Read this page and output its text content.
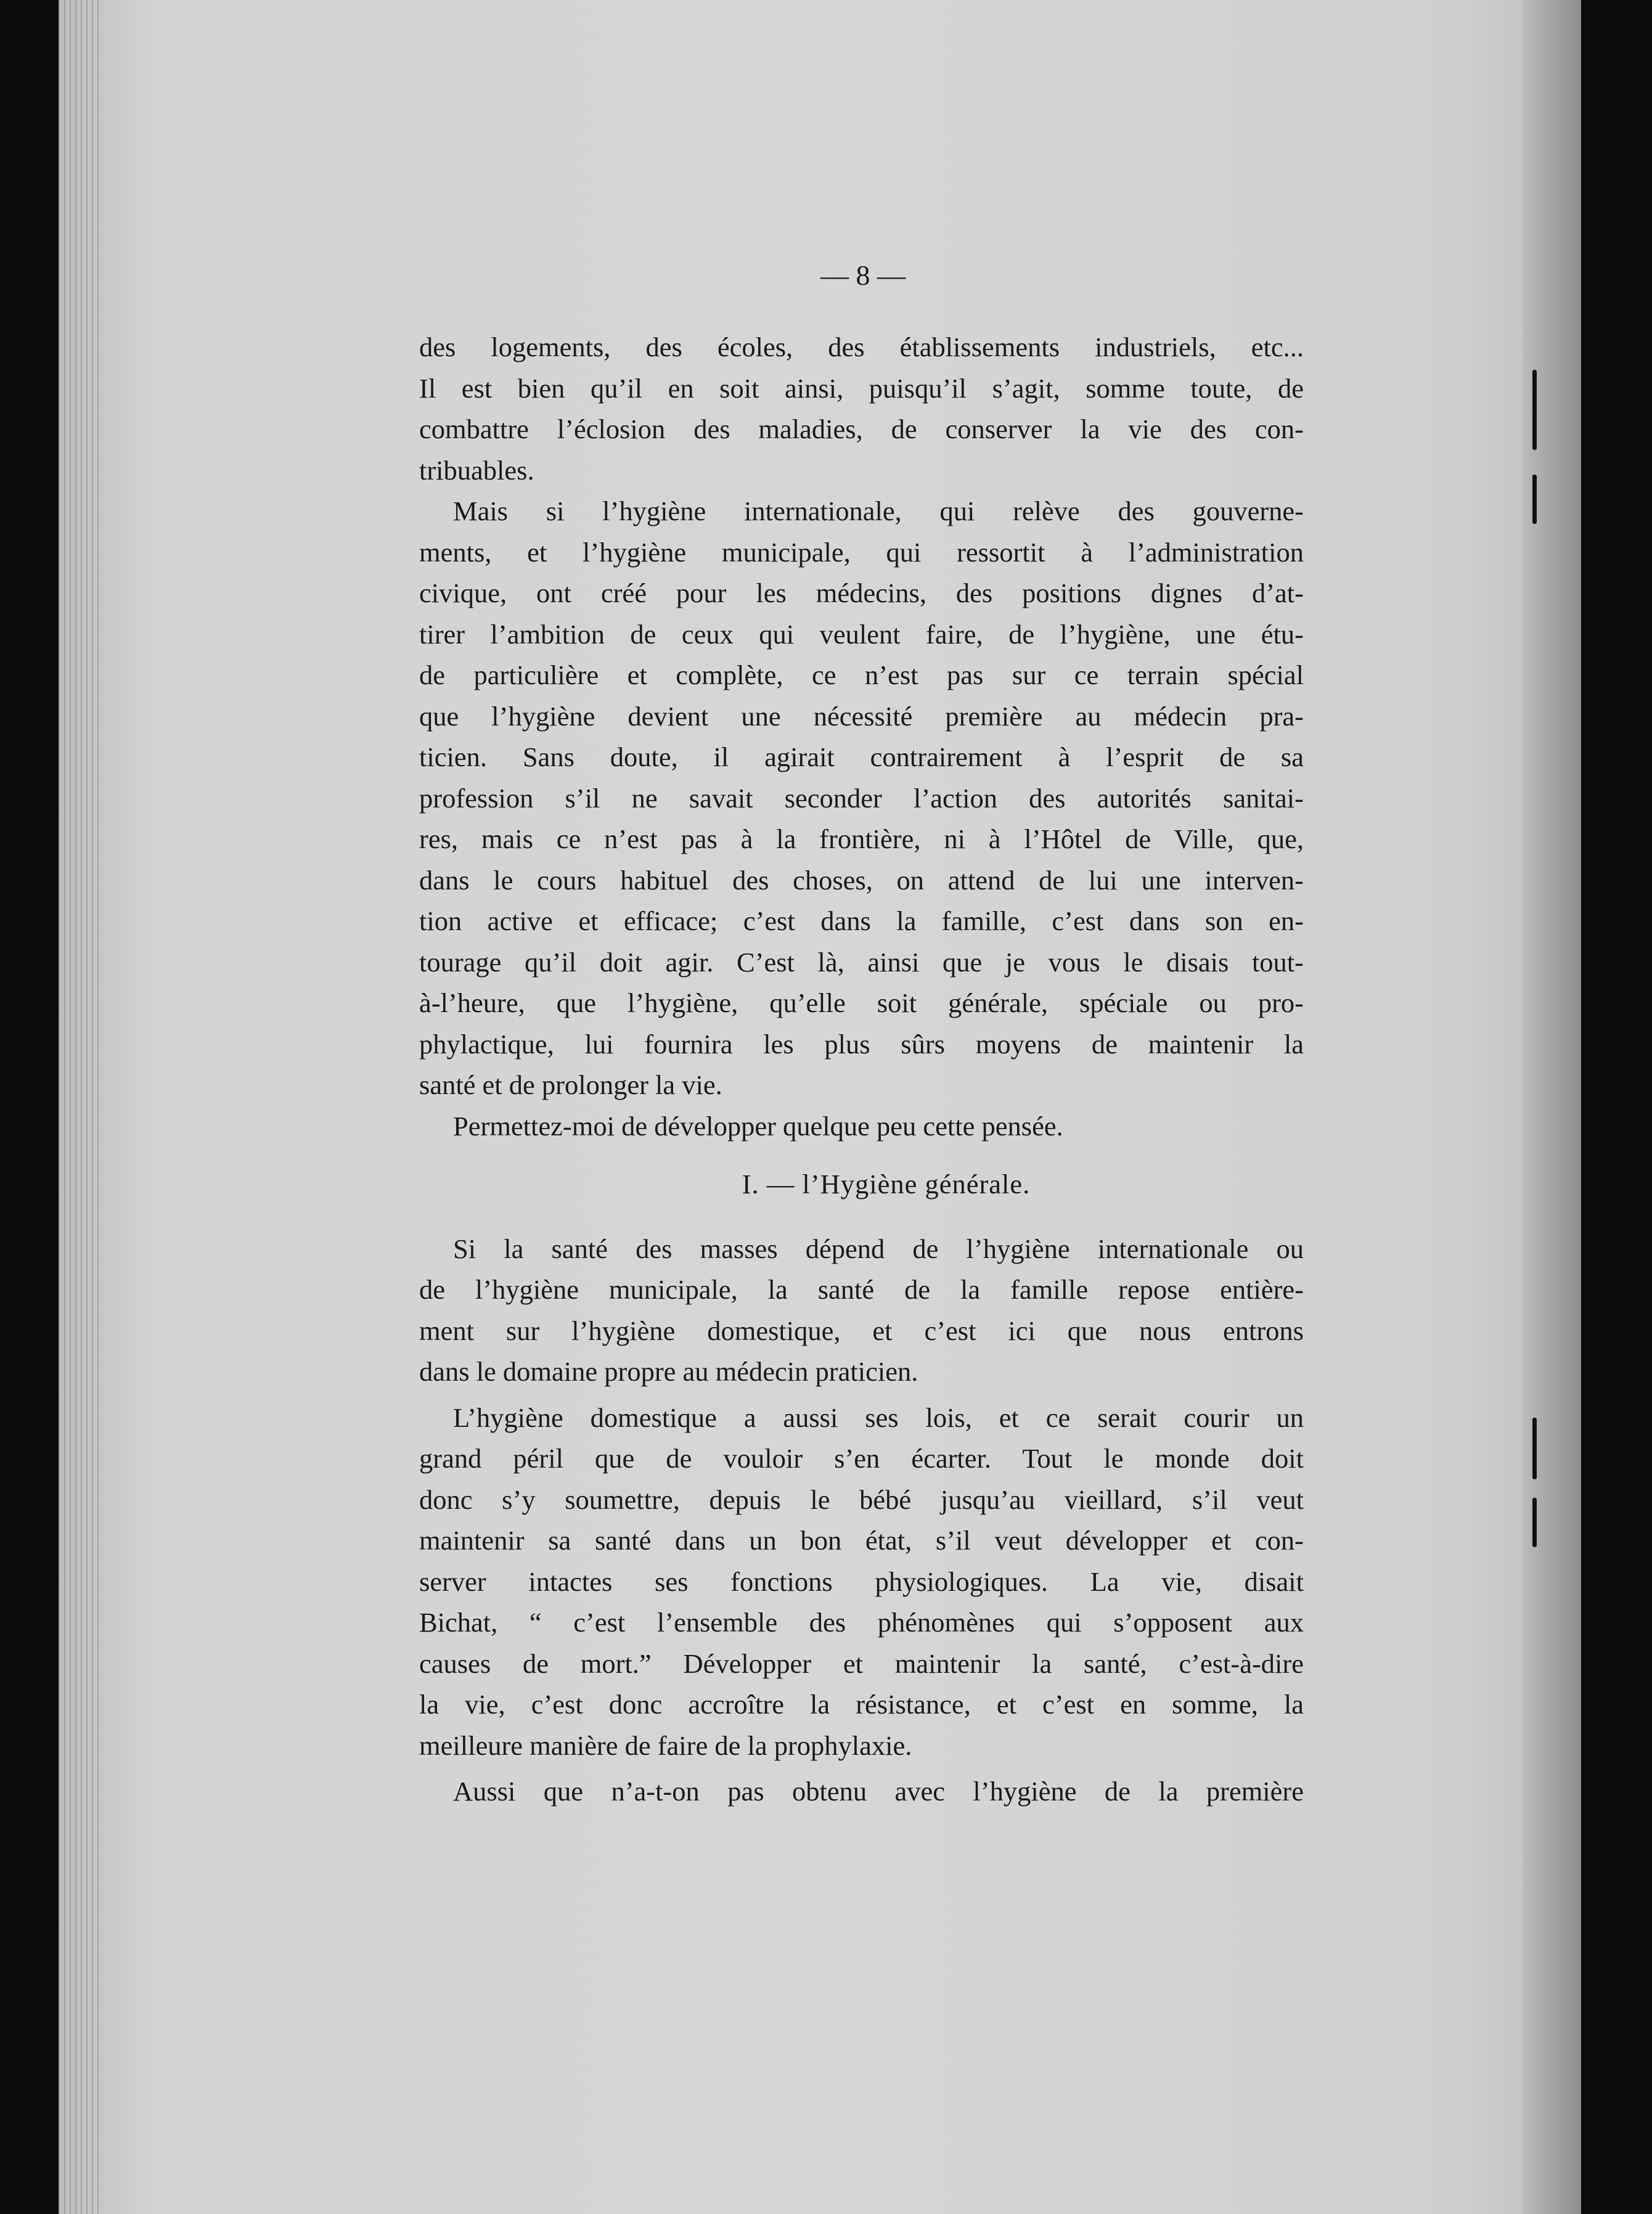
— 8 —
des logements, des écoles, des établissements industriels, etc...
Il est bien qu’il en soit ainsi, puisqu’il s’agit, somme toute, de
combattre l’éclosion des maladies, de conserver la vie des con-
tribuables.
Mais si l’hygiène internationale, qui relève des gouverne-
ments, et l’hygiène municipale, qui ressortit à l’administration
civique, ont créé pour les médecins, des positions dignes d’at-
tirer l’ambition de ceux qui veulent faire, de l’hygiène, une étu-
de particulière et complète, ce n’est pas sur ce terrain spécial
que l’hygiène devient une nécessité première au médecin pra-
ticien. Sans doute, il agirait contrairement à l’esprit de sa
profession s’il ne savait seconder l’action des autorités sanitai-
res, mais ce n’est pas à la frontière, ni à l’Hôtel de Ville, que,
dans le cours habituel des choses, on attend de lui une interven-
tion active et efficace; c’est dans la famille, c’est dans son en-
tourage qu’il doit agir. C’est là, ainsi que je vous le disais tout-
à-l’heure, que l’hygiène, qu’elle soit générale, spéciale ou pro-
phylactique, lui fournira les plus sûrs moyens de maintenir la
santé et de prolonger la vie.
Permettez-moi de développer quelque peu cette pensée.
I. — l’Hygiène générale.
Si la santé des masses dépend de l’hygiène internationale ou
de l’hygiène municipale, la santé de la famille repose entière-
ment sur l’hygiène domestique, et c’est ici que nous entrons
dans le domaine propre au médecin praticien.
L’hygiène domestique a aussi ses lois, et ce serait courir un
grand péril que de vouloir s’en écarter. Tout le monde doit
donc s’y soumettre, depuis le bébé jusqu’au vieillard, s’il veut
maintenir sa santé dans un bon état, s’il veut développer et con-
server intactes ses fonctions physiologiques. La vie, disait
Bichat, “ c’est l’ensemble des phénomènes qui s’opposent aux
causes de mort.” Développer et maintenir la santé, c’est-à-dire
la vie, c’est donc accroître la résistance, et c’est en somme, la
meilleure manière de faire de la prophylaxie.
Aussi que n’a-t-on pas obtenu avec l’hygiène de la première
